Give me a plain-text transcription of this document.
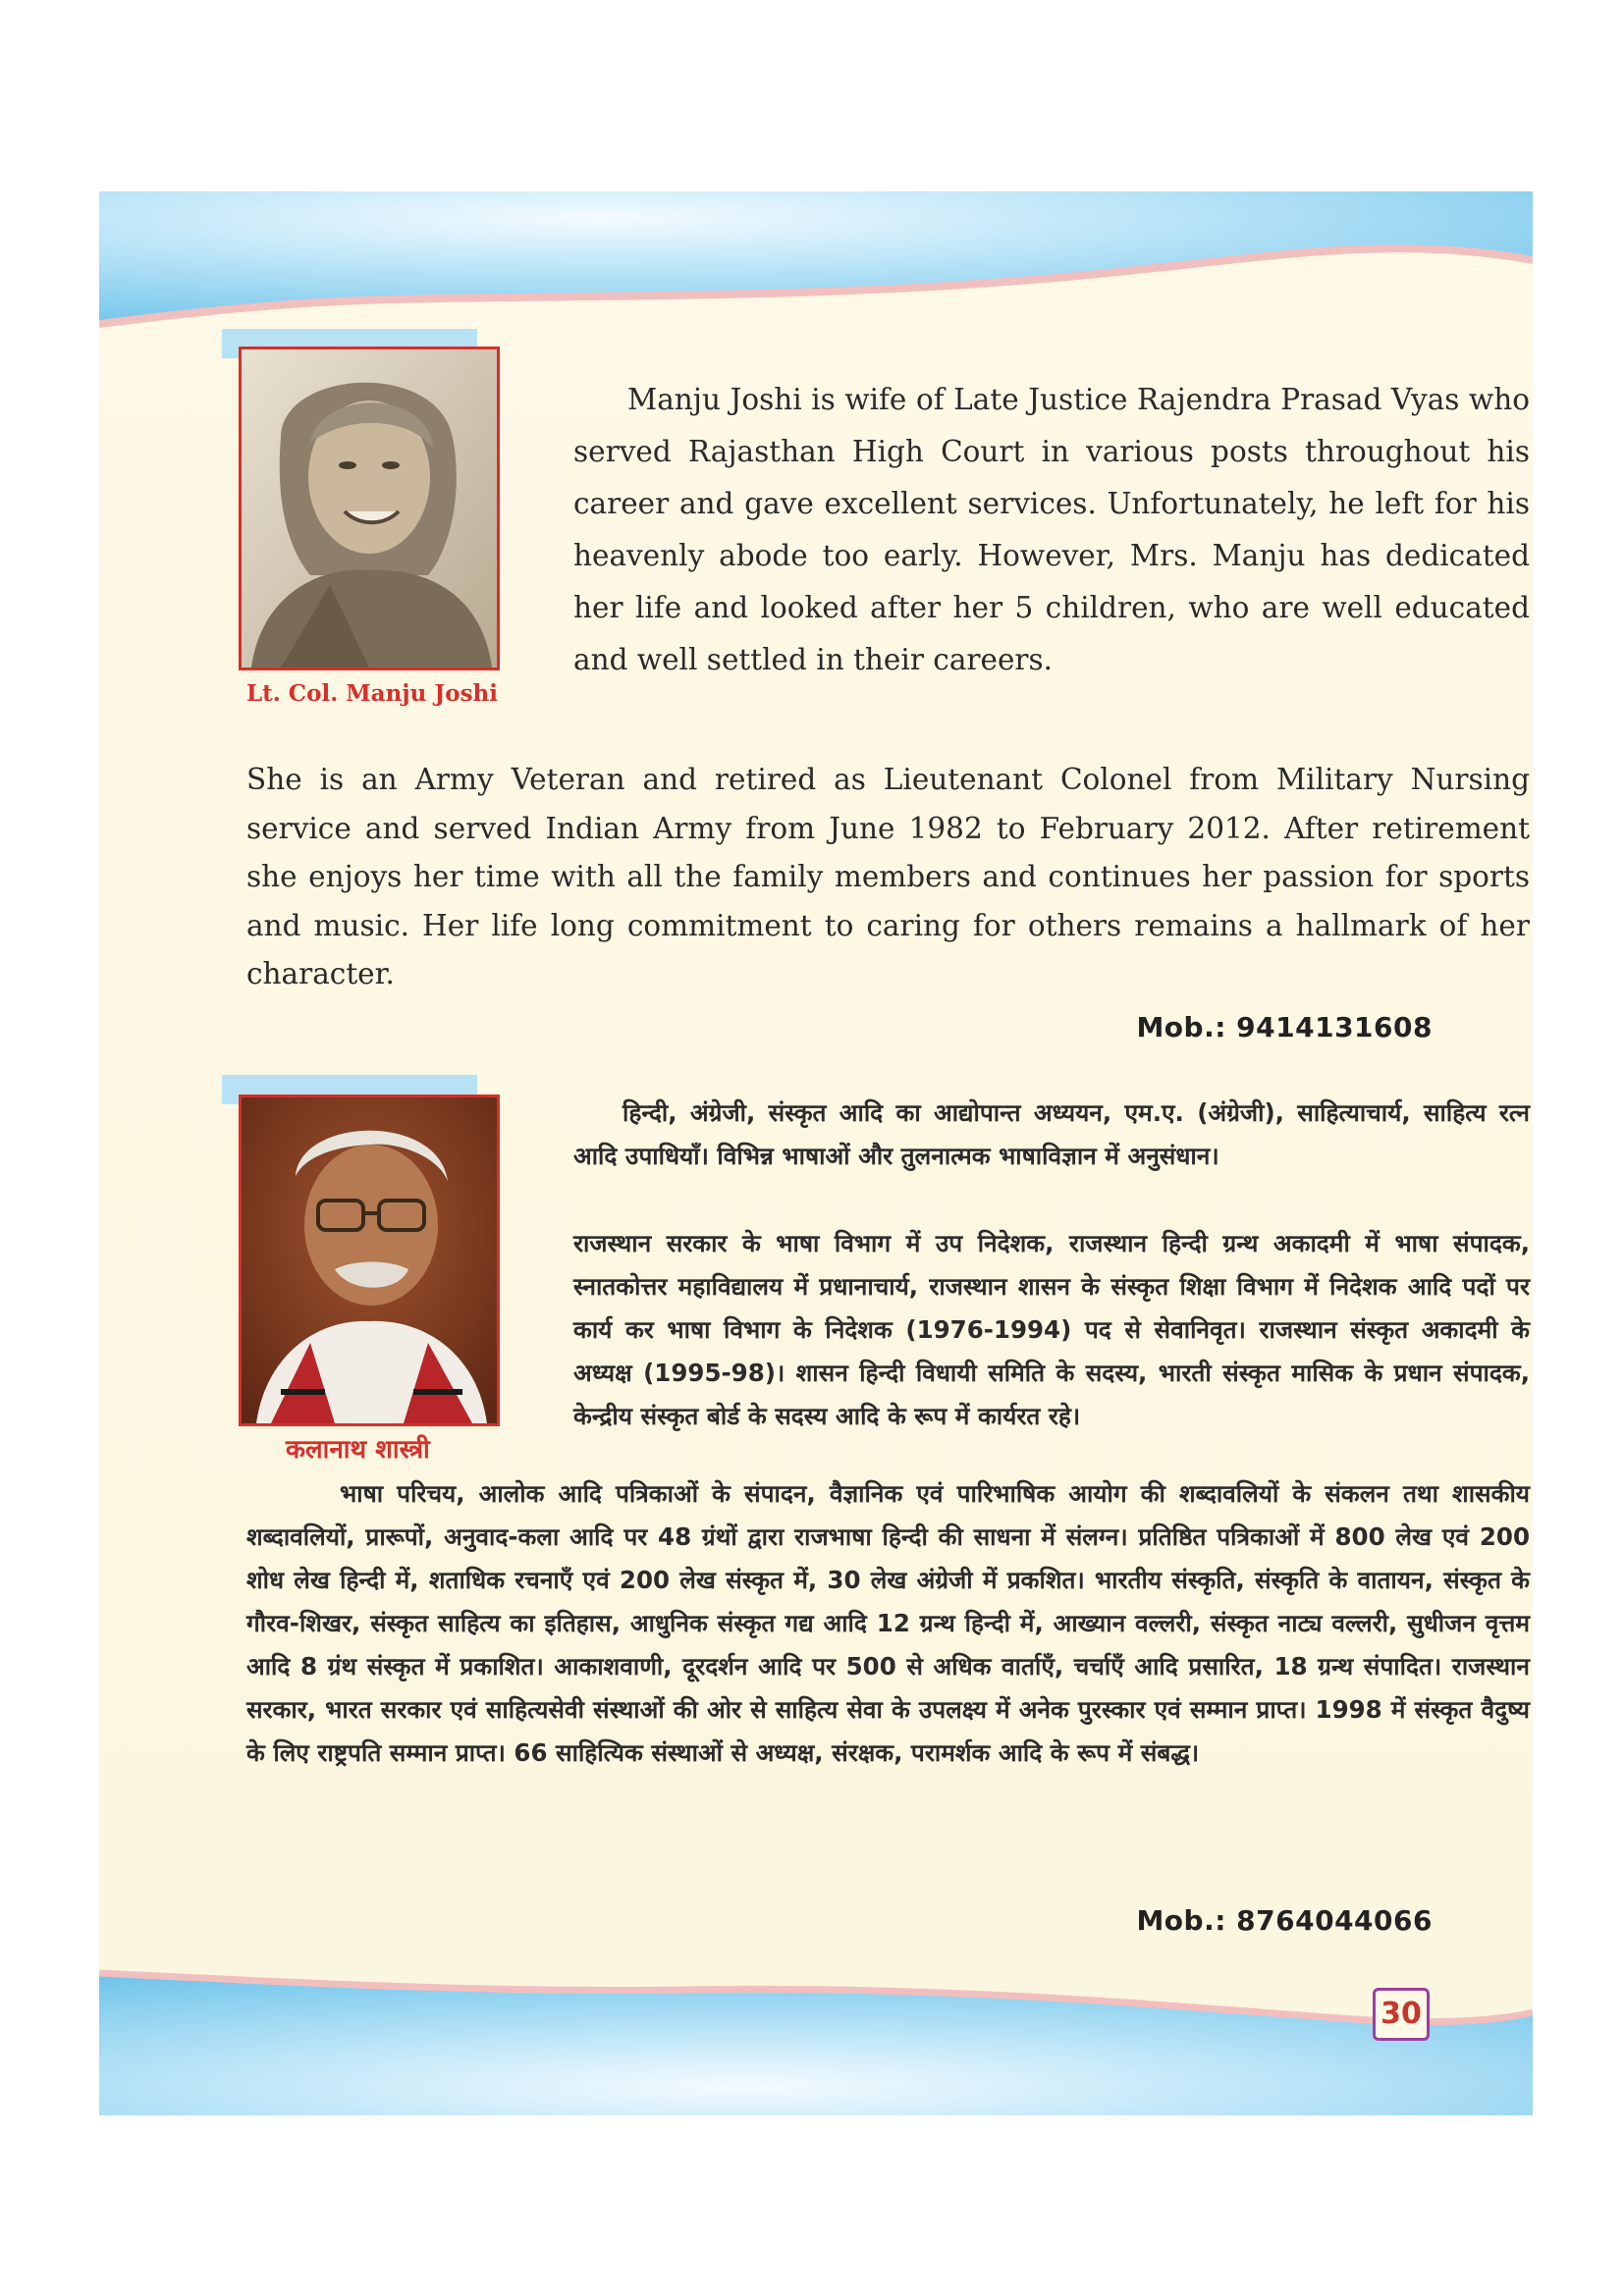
Lt. Col. Manju Joshi
Manju Joshi is wife of Late Justice Rajendra Prasad Vyas who served Rajasthan High Court in various posts throughout his career and gave excellent services. Unfortunately, he left for his heavenly abode too early. However, Mrs. Manju has dedicated her life and looked after her 5 children, who are well educated and well settled in their careers.
She is an Army Veteran and retired as Lieutenant Colonel from Military Nursing service and served Indian Army from June 1982 to February 2012. After retirement she enjoys her time with all the family members and continues her passion for sports and music. Her life long commitment to caring for others remains a hallmark of her character.
Mob.: 9414131608
कलानाथ शास्त्री
हिन्दी, अंग्रेजी, संस्कृत आदि का आद्योपान्त अध्ययन, एम.ए. (अंग्रेजी), साहित्याचार्य, साहित्य रत्न आदि उपाधियाँ। विभिन्न भाषाओं और तुलनात्मक भाषाविज्ञान में अनुसंधान।
राजस्थान सरकार के भाषा विभाग में उप निदेशक, राजस्थान हिन्दी ग्रन्थ अकादमी में भाषा संपादक, स्नातकोत्तर महाविद्यालय में प्रधानाचार्य, राजस्थान शासन के संस्कृत शिक्षा विभाग में निदेशक आदि पदों पर कार्य कर भाषा विभाग के निदेशक (1976-1994) पद से सेवानिवृत। राजस्थान संस्कृत अकादमी के अध्यक्ष (1995-98)। शासन हिन्दी विधायी समिति के सदस्य, भारती संस्कृत मासिक के प्रधान संपादक, केन्द्रीय संस्कृत बोर्ड के सदस्य आदि के रूप में कार्यरत रहे।
भाषा परिचय, आलोक आदि पत्रिकाओं के संपादन, वैज्ञानिक एवं पारिभाषिक आयोग की शब्दावलियों के संकलन तथा शासकीय शब्दावलियों, प्रारूपों, अनुवाद-कला आदि पर 48 ग्रंथों द्वारा राजभाषा हिन्दी की साधना में संलग्न। प्रतिष्ठित पत्रिकाओं में 800 लेख एवं 200 शोध लेख हिन्दी में, शताधिक रचनाएँ एवं 200 लेख संस्कृत में, 30 लेख अंग्रेजी में प्रकशित। भारतीय संस्कृति, संस्कृति के वातायन, संस्कृत के गौरव-शिखर, संस्कृत साहित्य का इतिहास, आधुनिक संस्कृत गद्य आदि 12 ग्रन्थ हिन्दी में, आख्यान वल्लरी, संस्कृत नाट्य वल्लरी, सुधीजन वृत्तम आदि 8 ग्रंथ संस्कृत में प्रकाशित। आकाशवाणी, दूरदर्शन आदि पर 500 से अधिक वार्ताएँ, चर्चाएँ आदि प्रसारित, 18 ग्रन्थ संपादित। राजस्थान सरकार, भारत सरकार एवं साहित्यसेवी संस्थाओं की ओर से साहित्य सेवा के उपलक्ष्य में अनेक पुरस्कार एवं सम्मान प्राप्त। 1998 में संस्कृत वैदुष्य के लिए राष्ट्रपति सम्मान प्राप्त। 66 साहित्यिक संस्थाओं से अध्यक्ष, संरक्षक, परामर्शक आदि के रूप में संबद्ध।
Mob.: 8764044066
30
